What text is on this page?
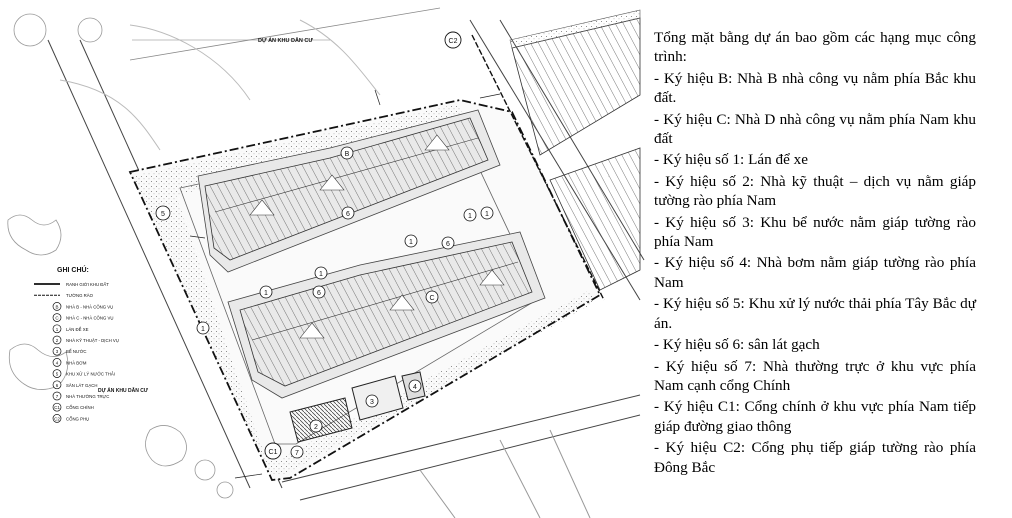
DỰ ÁN KHU DÂN CƯ
DỰ ÁN KHU DÂN CƯ
B
C
C2
C1
5	6
6
6
1
1
1
1
1
1
2
3
4
7
GHI CHÚ:
RANH GIỚI KHU ĐẤT
TƯỜNG RÀO
B NHÀ B - NHÀ CÔNG VỤ
C NHÀ C - NHÀ CÔNG VỤ
1 LÁN ĐỂ XE
2 NHÀ KỸ THUẬT - DỊCH VỤ
3 BỂ NƯỚC
4 NHÀ BƠM
5 KHU XỬ LÝ NƯỚC THẢI
6 SÂN LÁT GẠCH
7 NHÀ THƯỜNG TRỰC
C1 CỔNG CHÍNH
C2 CỔNG PHỤ
Tổng mặt bằng dự án bao gồm các hạng mục công trình:
- Ký hiệu B: Nhà B nhà công vụ nằm phía Bắc khu đất.
- Ký hiệu C: Nhà D nhà công vụ nằm phía Nam khu đất
- Ký hiệu số 1: Lán để xe
- Ký hiệu số 2: Nhà kỹ thuật – dịch vụ nằm giáp tường rào phía Nam
- Ký hiệu số 3: Khu bể nước nằm giáp tường rào phía Nam
- Ký hiệu số 4: Nhà bơm nằm giáp tường rào phía Nam
- Ký hiệu số 5: Khu xử lý nước thải phía Tây Bắc dự án.
- Ký hiệu số 6: sân lát gạch
- Ký hiệu số 7: Nhà thường trực ở khu vực phía Nam cạnh cổng Chính
- Ký hiệu C1: Cổng chính ở khu vực phía Nam tiếp giáp đường giao thông
- Ký hiệu C2: Cổng phụ tiếp giáp tường rào phía Đông Bắc
